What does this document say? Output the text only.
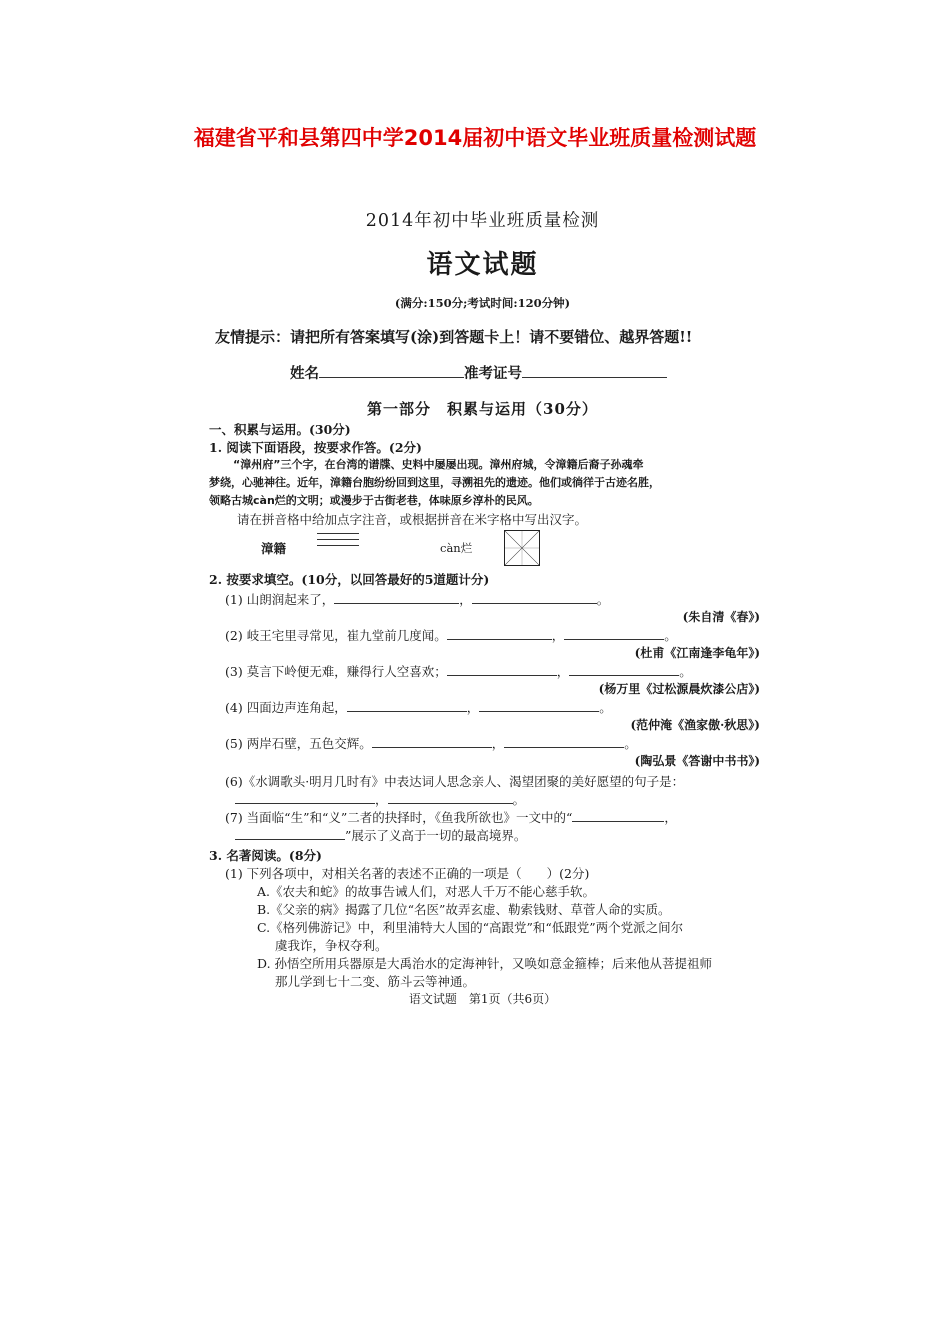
福建省平和县第四中学2014届初中语文毕业班质量检测试题
2014年初中毕业班质量检测
语文试题
(满分:150分;考试时间:120分钟)
友情提示：请把所有答案填写(涂)到答题卡上！请不要错位、越界答题!!
姓名	准考证号
第一部分　积累与运用（30分）
一、积累与运用。(30分)
1. 阅读下面语段，按要求作答。(2分)
“漳州府”三个字，在台湾的谱牒、史料中屡屡出现。漳州府城，令漳籍后裔子孙魂牵
梦绕，心驰神往。近年，漳籍台胞纷纷回到这里，寻溯祖先的遗迹。他们或徜徉于古迹名胜，
领略古城càn烂的文明；或漫步于古街老巷，体味原乡淳朴的民风。
请在拼音格中给加点字注音，或根据拼音在米字格中写出汉字。
漳籍	càn烂
2. 按要求填空。(10分，以回答最好的5道题计分)
(1) 山朗润起来了，	，	。
(朱自清《春》)
(2) 岐王宅里寻常见，崔九堂前几度闻。	，	。
(杜甫《江南逢李龟年》)
(3) 莫言下岭便无难，赚得行人空喜欢；	，	。
(杨万里《过松源晨炊漆公店》)
(4) 四面边声连角起，	，	。
(范仲淹《渔家傲·秋思》)
(5) 两岸石壁，五色交辉。	，	。
(陶弘景《答谢中书书》)
(6)《水调歌头·明月几时有》中表达词人思念亲人、渴望团聚的美好愿望的句子是：
，	。
(7) 当面临“生”和“义”二者的抉择时，《鱼我所欲也》一文中的“	，
”展示了义高于一切的最高境界。
3. 名著阅读。(8分)
(1) 下列各项中，对相关名著的表述不正确的一项是（　　）(2分)
A.《农夫和蛇》的故事告诫人们，对恶人千万不能心慈手软。
B.《父亲的病》揭露了几位“名医”故弄玄虚、勒索钱财、草菅人命的实质。
C.《格列佛游记》中，利里浦特大人国的“高跟党”和“低跟党”两个党派之间尔
虞我诈，争权夺利。
D. 孙悟空所用兵器原是大禹治水的定海神针，又唤如意金箍棒；后来他从菩提祖师
那儿学到七十二变、筋斗云等神通。
语文试题　第1页（共6页）
